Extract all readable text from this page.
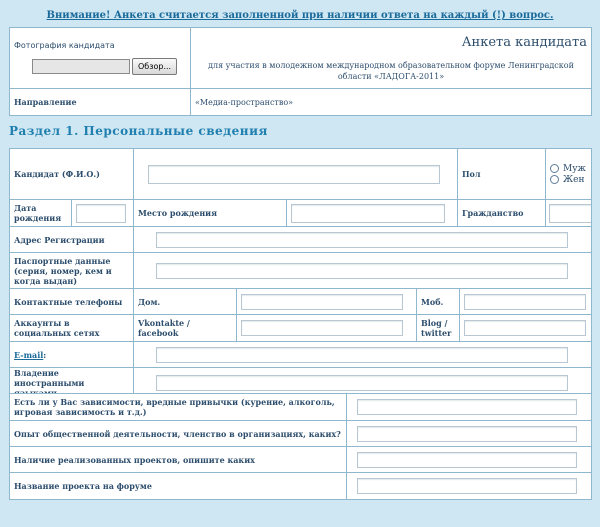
Внимание! Анкета считается заполненной при наличии ответа на каждый (!) вопрос.
Фотография кандидата
Обзор...	Анкета кандидата
для участия в молодежном международном образовательном форуме Ленинградской области «ЛАДОГА-2011»

Направление	«Медиа-пространство»
Раздел 1. Персональные сведения
Кандидат (Ф.И.О.)		Пол	
Муж
Жен
Дата рождения		Место рождения		Гражданство	
Адрес Регистрации	

Паспортные данные (серия, номер, кем и когда выдан)	
Контактные телефоны	Дом.		Моб.	

Аккаунты в социальных сетях	Vkontakte / facebook		Blog / twitter	
E-mail:	

Владение иностранными	
Есть ли у Вас зависимости, вредные привычки (курение, алкоголь, игровая зависимость и т.д.)	

Опыт общественной деятельности, членство в организациях, каких?	

Наличие реализованных проектов, опишите каких	

Название проекта на форуме	
